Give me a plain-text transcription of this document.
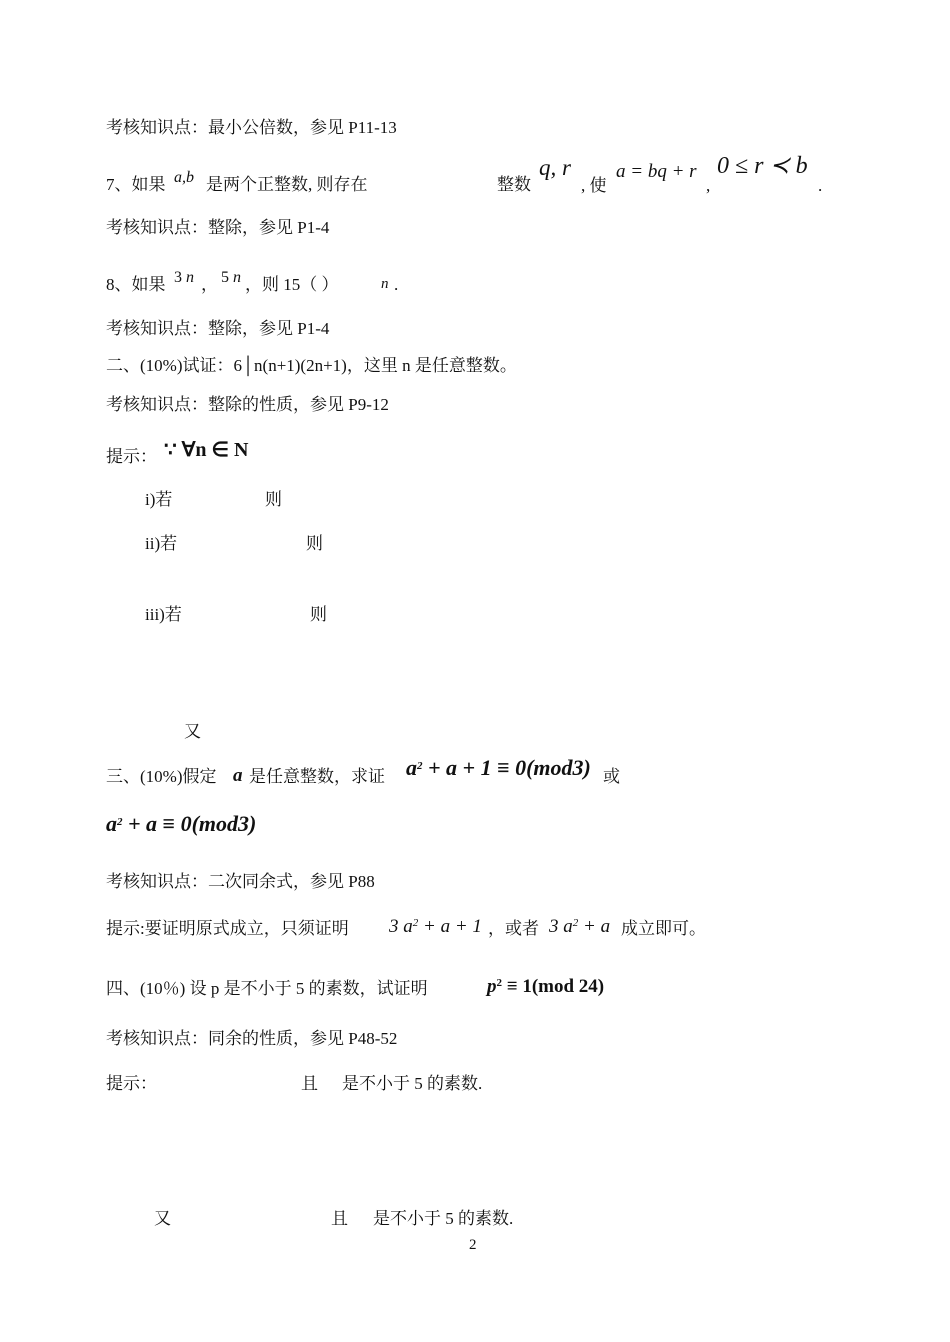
考核知识点：最小公倍数，参见 P11-13
7、如果 a,b 是两个正整数, 则存在	整数
q, r
, 使
a = bq + r
,
0 ≤ r ≺ b
.
考核知识点：整除，参见 P1-4
8、如果 3 n ， 5 n ，则 15（ ）	n .
考核知识点：整除，参见 P1-4
二、(10%)试证：6│n(n+1)(2n+1)，这里 n 是任意整数。
考核知识点：整除的性质，参见 P9-12
提示： ∵ ∀n ∈ N
i)若	则
ii)若	则
iii)若	则
又
三、(10%)假定 a 是任意整数，求证 $a^2 + a + 1 \equiv 0(mod3)$ 或
$a^2 + a \equiv 0(mod3)$
考核知识点：二次同余式，参见 P88
提示:要证明原式成立，只须证明 3 $a^2 + a + 1$ ，或者 3 $a^2 + a$ 成立即可。
四、(10％) 设 p 是不小于 5 的素数，试证明	$p^2 \equiv 1(mod$ 24)
考核知识点：同余的性质，参见 P48-52
提示：	且 是不小于 5 的素数.
又	且 是不小于 5 的素数.
2
